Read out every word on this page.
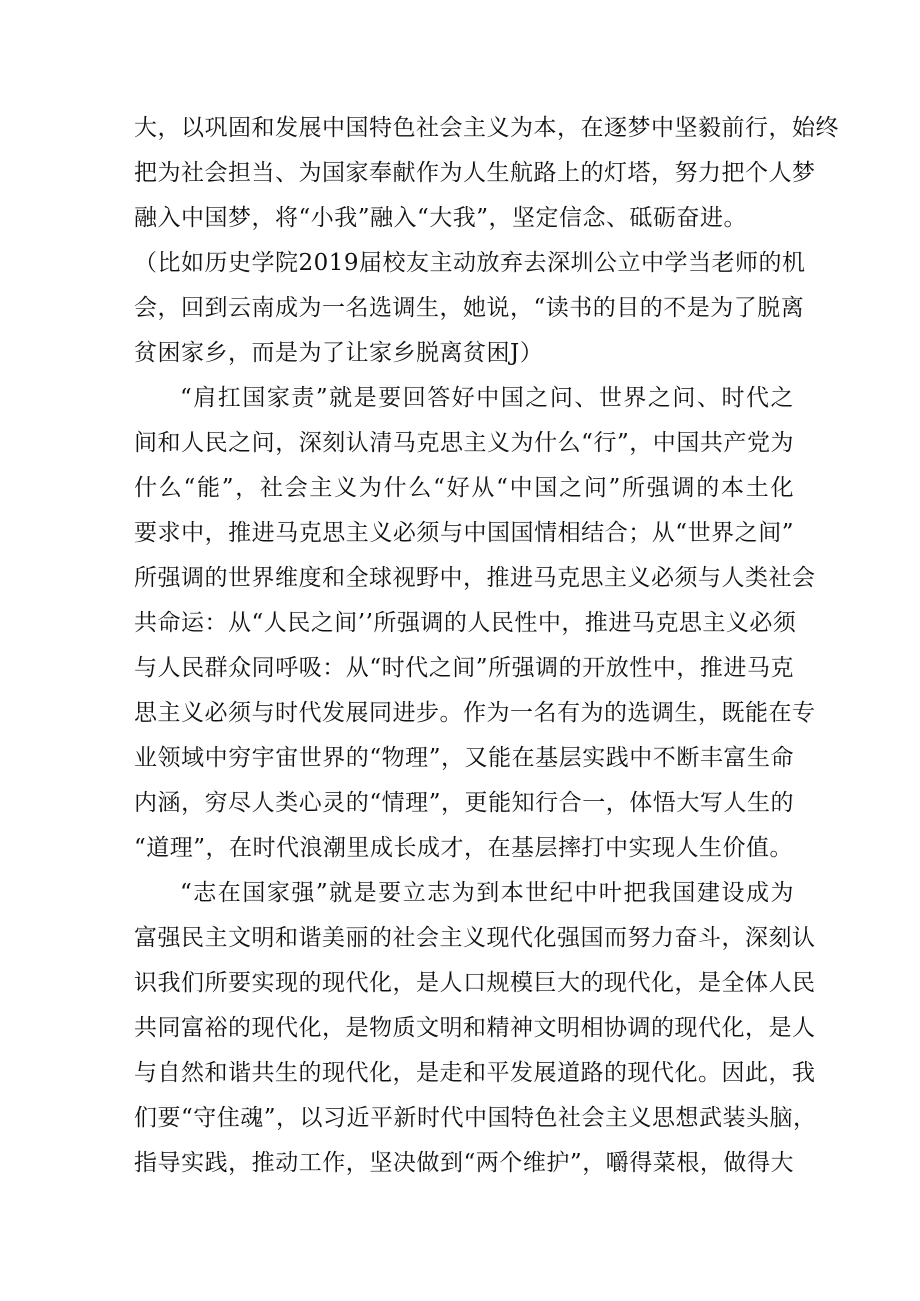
大，以巩固和发展中国特色社会主义为本，在逐梦中坚毅前行，始终
把为社会担当、为国家奉献作为人生航路上的灯塔，努力把个人梦
融入中国梦，将“小我”融入“大我”，坚定信念、砥砺奋进。
（比如历史学院2019届校友主动放弃去深圳公立中学当老师的机
会，回到云南成为一名选调生，她说，“读书的目的不是为了脱离
贫困家乡，而是为了让家乡脱离贫困J）
“肩扛国家责”就是要回答好中国之问、世界之问、时代之
间和人民之问，深刻认清马克思主义为什么“行”，中国共产党为
什么“能”，社会主义为什么“好从“中国之问”所强调的本土化
要求中，推进马克思主义必须与中国国情相结合；从“世界之间”
所强调的世界维度和全球视野中，推进马克思主义必须与人类社会
共命运：从“人民之间’’所强调的人民性中，推进马克思主义必须
与人民群众同呼吸：从“时代之间”所强调的开放性中，推进马克
思主义必须与时代发展同进步。作为一名有为的选调生，既能在专
业领域中穷宇宙世界的“物理”，又能在基层实践中不断丰富生命
内涵，穷尽人类心灵的“情理”，更能知行合一，体悟大写人生的
“道理”，在时代浪潮里成长成才，在基层摔打中实现人生价值。
“志在国家强”就是要立志为到本世纪中叶把我国建设成为
富强民主文明和谐美丽的社会主义现代化强国而努力奋斗，深刻认
识我们所要实现的现代化，是人口规模巨大的现代化，是全体人民
共同富裕的现代化，是物质文明和精神文明相协调的现代化，是人
与自然和谐共生的现代化，是走和平发展道路的现代化。因此，我
们要“守住魂”，以习近平新时代中国特色社会主义思想武装头脑，
指导实践，推动工作，坚决做到“两个维护”，嚼得菜根，做得大
